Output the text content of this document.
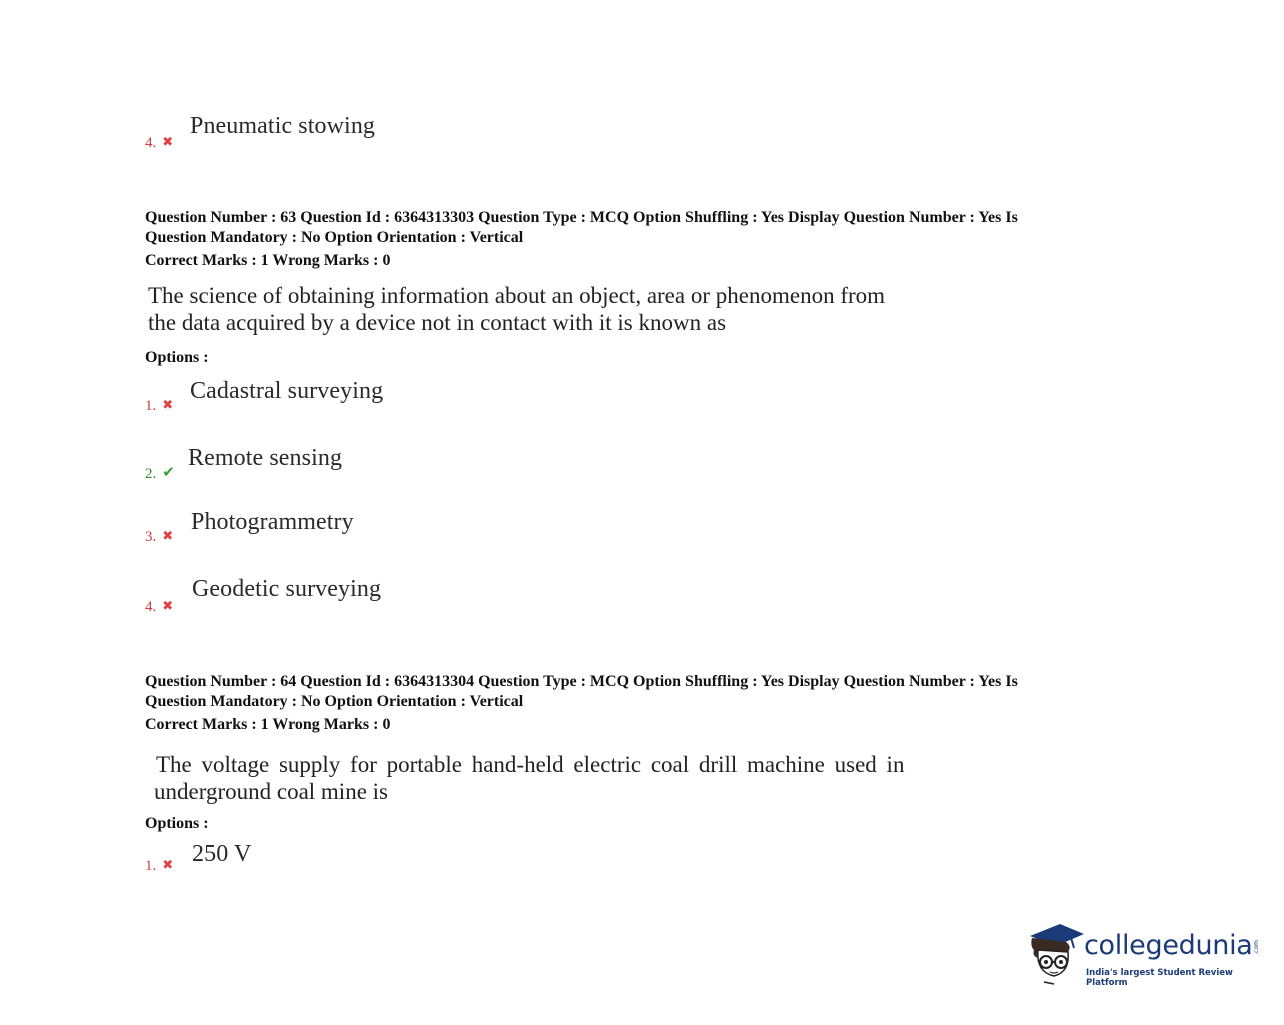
4. ✖
Pneumatic stowing
Question Number : 63 Question Id : 6364313303 Question Type : MCQ Option Shuffling : Yes Display Question Number : Yes Is
Question Mandatory : No Option Orientation : Vertical
Correct Marks : 1 Wrong Marks : 0
The science of obtaining information about an object, area or phenomenon from
the data acquired by a device not in contact with it is known as
Options :
1. ✖
Cadastral surveying
2. ✔
Remote sensing
3. ✖
Photogrammetry
4. ✖
Geodetic surveying
Question Number : 64 Question Id : 6364313304 Question Type : MCQ Option Shuffling : Yes Display Question Number : Yes Is
Question Mandatory : No Option Orientation : Vertical
Correct Marks : 1 Wrong Marks : 0
The voltage supply for portable hand-held electric coal drill machine used in
underground coal mine is
Options :
1. ✖ 250 V
collegedunia .com
India's largest Student Review Platform
